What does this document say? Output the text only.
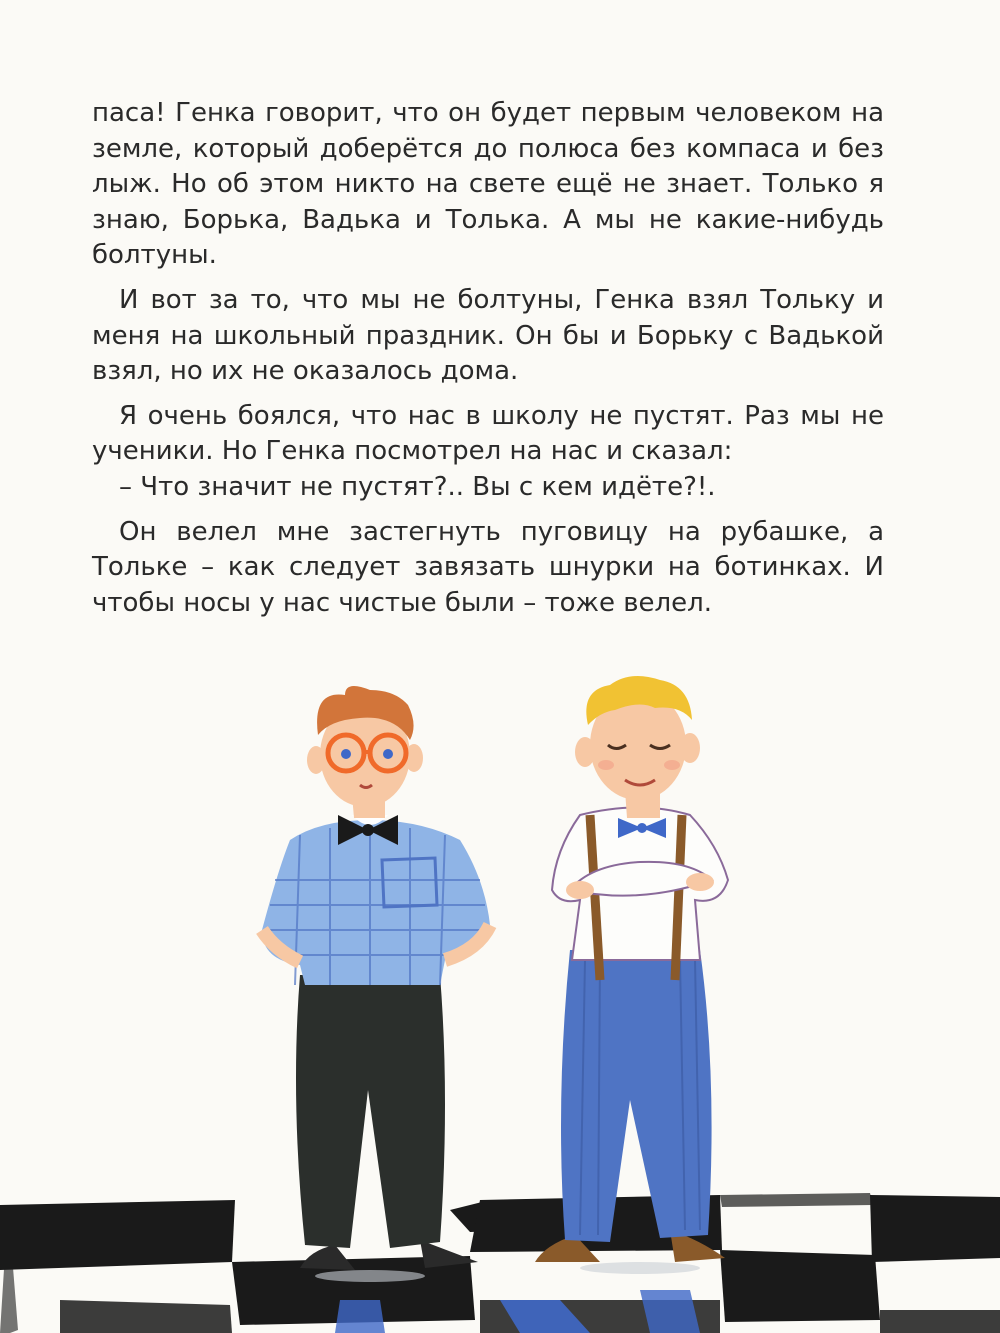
паса! Генка говорит, что он будет первым человеком на земле, который доберётся до полюса без компаса и без лыж. Но об этом никто на свете ещё не знает. Только я знаю, Борька, Вадька и Толька. А мы не какие-нибудь болтуны.

И вот за то, что мы не болтуны, Генка взял Тольку и меня на школьный праздник. Он бы и Борьку с Вадькой взял, но их не оказалось дома.

Я очень боялся, что нас в школу не пустят. Раз мы не ученики. Но Генка посмотрел на нас и сказал:

– Что значит не пустят?.. Вы с кем идёте?!.

Он велел мне застегнуть пуговицу на рубашке, а Тольке – как следует завязать шнурки на ботинках. И чтобы носы у нас чистые были – тоже велел.
